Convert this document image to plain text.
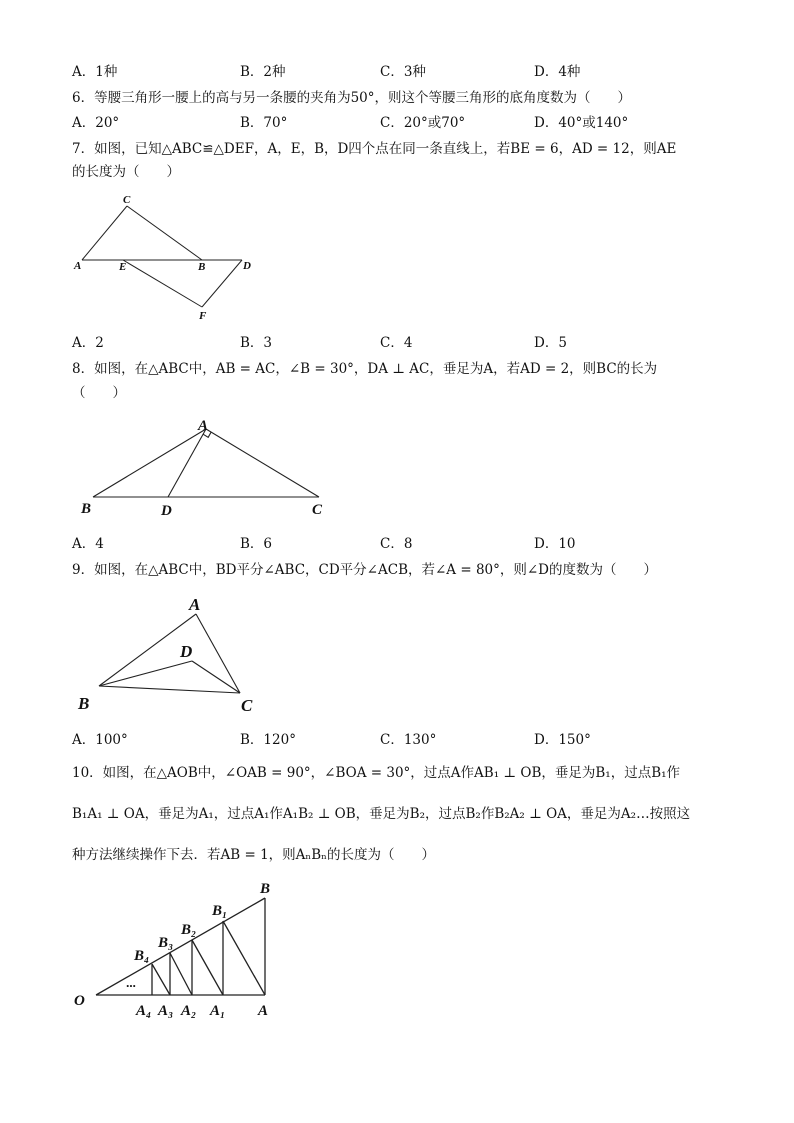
A．1种	B．2种	C．3种	D．4种
6．等腰三角形一腰上的高与另一条腰的夹角为50°，则这个等腰三角形的底角度数为（　　）
A．20°	B．70°	C．20°或70°	D．40°或140°
7．如图，已知△ABC≌△DEF，A，E，B，D四个点在同一条直线上，若BE = 6，AD = 12，则AE
的长度为（　　）
C
A	E	B	D
F
A．2	B．3	C．4	D．5
8．如图，在△ABC中，AB = AC，∠B = 30°，DA ⊥ AC，垂足为A，若AD = 2，则BC的长为
（　　）
A
B	D	C
A．4	B．6	C．8	D．10
9．如图，在△ABC中，BD平分∠ABC，CD平分∠ACB，若∠A = 80°，则∠D的度数为（　　）
A
D
B	C
A．100°	B．120°	C．130°	D．150°
10．如图，在△AOB中，∠OAB = 90°，∠BOA = 30°，过点A作AB₁ ⊥ OB，垂足为B₁，过点B₁作
B₁A₁ ⊥ OA，垂足为A₁，过点A₁作A₁B₂ ⊥ OB，垂足为B₂，过点B₂作B₂A₂ ⊥ OA，垂足为A₂…按照这
种方法继续操作下去．若AB = 1，则AₙBₙ的长度为（　　）
B
B₁
B₂
B₃
B₄
···
O
A₄ A₃ A₂ A₁ A
